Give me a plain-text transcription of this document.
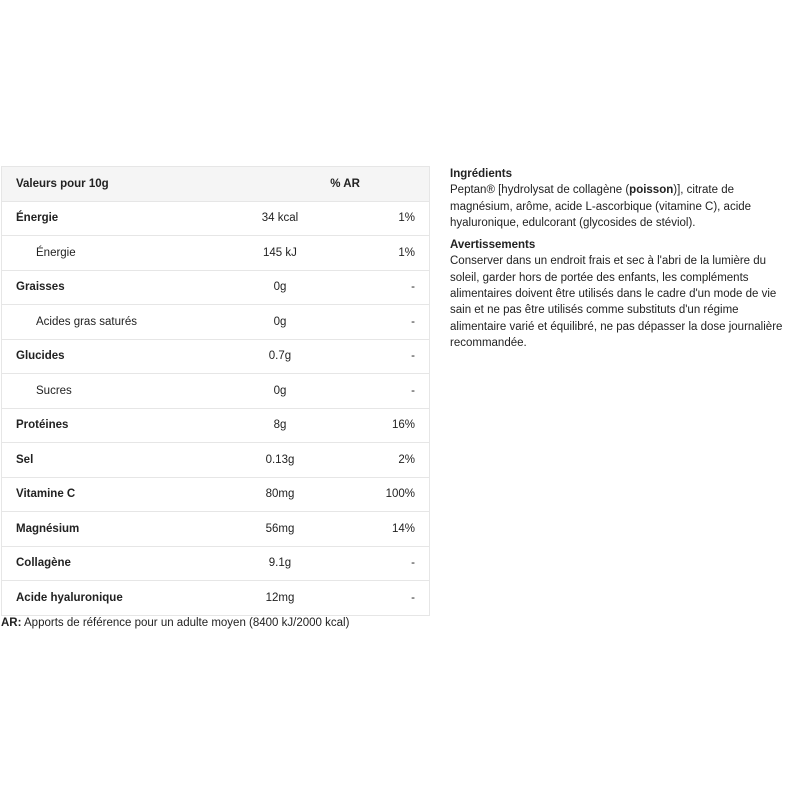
Valeurs pour 10g		% AR
Énergie	34 kcal	1%
Énergie	145 kJ	1%
Graisses	0g	-
Acides gras saturés	0g	-
Glucides	0.7g	-
Sucres	0g	-
Protéines	8g	16%
Sel	0.13g	2%
Vitamine C	80mg	100%
Magnésium	56mg	14%
Collagène	9.1g	-
Acide hyaluronique	12mg	-
AR: Apports de référence pour un adulte moyen (8400 kJ/2000 kcal)
Ingrédients

Peptan® [hydrolysat de collagène (poisson)], citrate de magnésium, arôme, acide L-ascorbique (vitamine C), acide hyaluronique, edulcorant (glycosides de stéviol).

Avertissements

Conserver dans un endroit frais et sec à l'abri de la lumière du soleil, garder hors de portée des enfants, les compléments alimentaires doivent être utilisés dans le cadre d'un mode de vie sain et ne pas être utilisés comme substituts d'un régime alimentaire varié et équilibré, ne pas dépasser la dose journalière recommandée.
